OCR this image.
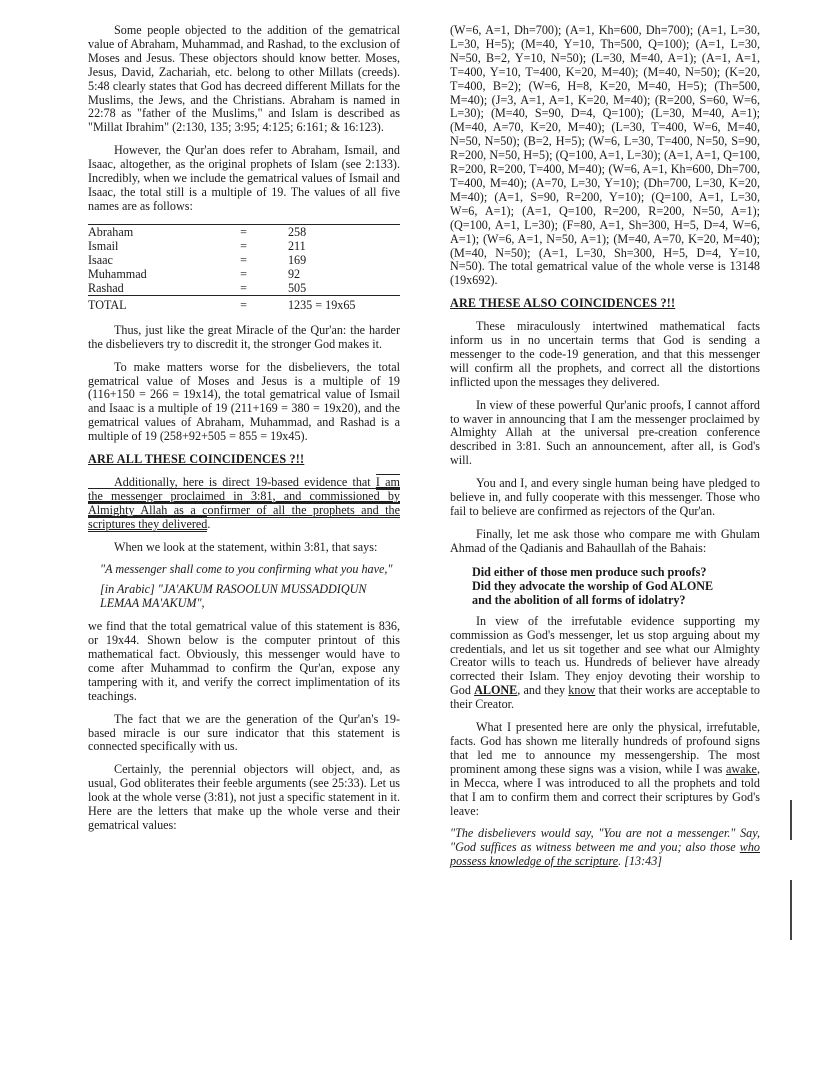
Some people objected to the addition of the gematrical value of Abraham, Muhammad, and Rashad, to the exclusion of Moses and Jesus. These objectors should know better. Moses, Jesus, David, Zachariah, etc. belong to other Millats (creeds). 5:48 clearly states that God has decreed different Millats for the Muslims, the Jews, and the Christians. Abraham is named in 22:78 as "father of the Muslims," and Islam is described as "Millat Ibrahim" (2:130, 135; 3:95; 4:125; 6:161; & 16:123).

However, the Qur'an does refer to Abraham, Ismail, and Isaac, altogether, as the original prophets of Islam (see 2:133). Incredibly, when we include the gematrical values of Ismail and Isaac, the total still is a multiple of 19. The values of all five names are as follows:

Abraham	=	258
Ismail	=	211
Isaac	=	169
Muhammad	=	92
Rashad	=	505
TOTAL	=	1235 = 19x65

Thus, just like the great Miracle of the Qur'an: the harder the disbelievers try to discredit it, the stronger God makes it.

To make matters worse for the disbelievers, the total gematrical value of Moses and Jesus is a multiple of 19 (116+150 = 266 = 19x14), the total gematrical value of Ismail and Isaac is a multiple of 19 (211+169 = 380 = 19x20), and the gematrical values of Abraham, Muhammad, and Rashad is a multiple of 19 (258+92+505 = 855 = 19x45).

ARE ALL THESE COINCIDENCES ?!!

Additionally, here is direct 19-based evidence that I am the messenger proclaimed in 3:81, and commissioned by Almighty Allah as a confirmer of all the prophets and the scriptures they delivered.

When we look at the statement, within 3:81, that says:

"A messenger shall come to you confirming what you have,"
[in Arabic] "JA'AKUM RASOOLUN MUSSADDIQUN LEMAA MA'AKUM",

we find that the total gematrical value of this statement is 836, or 19x44. Shown below is the computer printout of this mathematical fact. Obviously, this messenger would have to come after Muhammad to confirm the Qur'an, expose any tampering with it, and verify the correct implimentation of its teachings.

The fact that we are the generation of the Qur'an's 19-based miracle is our sure indicator that this statement is connected specifically with us.

Certainly, the perennial objectors will object, and, as usual, God obliterates their feeble arguments (see 25:33). Let us look at the whole verse (3:81), not just a specific statement in it. Here are the letters that make up the whole verse and their gematrical values:

(W=6, A=1, Dh=700); (A=1, Kh=600, Dh=700); (A=1, L=30, L=30, H=5); (M=40, Y=10, Th=500, Q=100); (A=1, L=30, N=50, B=2, Y=10, N=50); (L=30, M=40, A=1); (A=1, A=1, T=400, Y=10, T=400, K=20, M=40); (M=40, N=50); (K=20, T=400, B=2); (W=6, H=8, K=20, M=40, H=5); (Th=500, M=40); (J=3, A=1, A=1, K=20, M=40); (R=200, S=60, W=6, L=30); (M=40, S=90, D=4, Q=100); (L=30, M=40, A=1); (M=40, A=70, K=20, M=40); (L=30, T=400, W=6, M=40, N=50, N=50); (B=2, H=5); (W=6, L=30, T=400, N=50, S=90, R=200, N=50, H=5); (Q=100, A=1, L=30); (A=1, A=1, Q=100, R=200, R=200, T=400, M=40); (W=6, A=1, Kh=600, Dh=700, T=400, M=40); (A=70, L=30, Y=10); (Dh=700, L=30, K=20, M=40); (A=1, S=90, R=200, Y=10); (Q=100, A=1, L=30, W=6, A=1); (A=1, Q=100, R=200, R=200, N=50, A=1); (Q=100, A=1, L=30); (F=80, A=1, Sh=300, H=5, D=4, W=6, A=1); (W=6, A=1, N=50, A=1); (M=40, A=70, K=20, M=40); (M=40, N=50); (A=1, L=30, Sh=300, H=5, D=4, Y=10, N=50). The total gematrical value of the whole verse is 13148 (19x692).

ARE THESE ALSO COINCIDENCES ?!!

These miraculously intertwined mathematical facts inform us in no uncertain terms that God is sending a messenger to the code-19 generation, and that this messenger will confirm all the prophets, and correct all the distortions inflicted upon the messages they delivered.

In view of these powerful Qur'anic proofs, I cannot afford to waver in announcing that I am the messenger proclaimed by Almighty Allah at the universal pre-creation conference described in 3:81. Such an announcement, after all, is God's will.

You and I, and every single human being have pledged to believe in, and fully cooperate with this messenger. Those who fail to believe are confirmed as rejectors of the Qur'an.

Finally, let me ask those who compare me with Ghulam Ahmad of the Qadianis and Bahaullah of the Bahais:

Did either of those men produce such proofs?
Did they advocate the worship of God ALONE
and the abolition of all forms of idolatry?

In view of the irrefutable evidence supporting my commission as God's messenger, let us stop arguing about my credentials, and let us sit together and see what our Almighty Creator wills to teach us. Hundreds of believer have already corrected their Islam. They enjoy devoting their worship to God ALONE, and they know that their works are acceptable to their Creator.

What I presented here are only the physical, irrefutable, facts. God has shown me literally hundreds of profound signs that led me to announce my messengership. The most prominent among these signs was a vision, while I was awake, in Mecca, where I was introduced to all the prophets and told that I am to confirm them and correct their scriptures by God's leave:

"The disbelievers would say, "You are not a messenger." Say, "God suffices as witness between me and you; also those who possess knowledge of the scripture. [13:43]
